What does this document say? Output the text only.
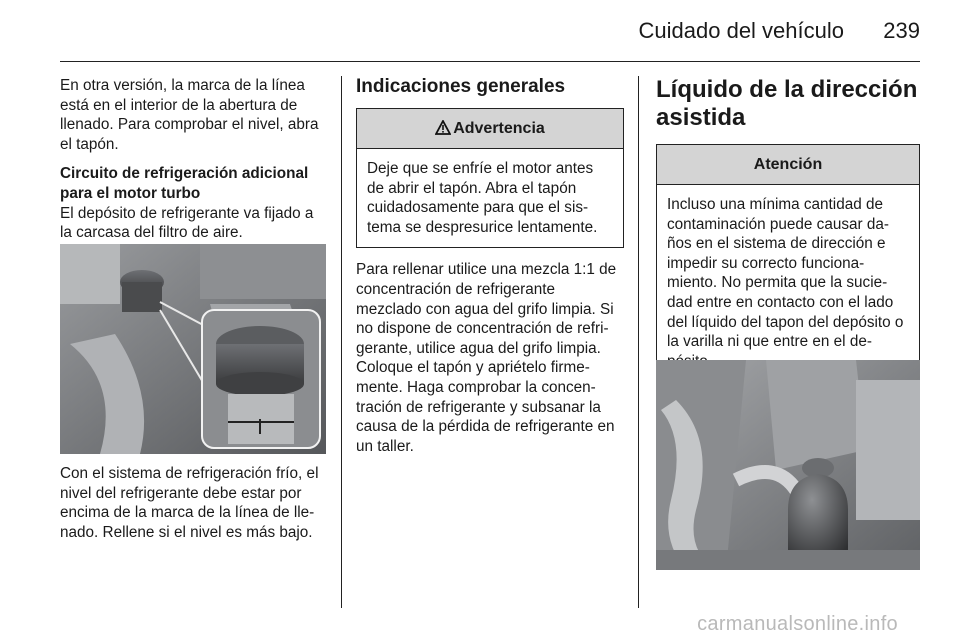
Cuidado del vehículo 239

En otra versión, la marca de la línea está en el interior de la abertura de llenado. Para comprobar el nivel, abra el tapón.

Circuito de refrigeración adicional para el motor turbo

El depósito de refrigerante va fijado a la carcasa del filtro de aire.

Con el sistema de refrigeración frío, el nivel del refrigerante debe estar por encima de la marca de la línea de lle-nado. Rellene si el nivel es más bajo.

Indicaciones generales
Advertencia
Deje que se enfríe el motor antes de abrir el tapón. Abra el tapón cuidadosamente para que el sis-tema se despresurice lentamente.

Para rellenar utilice una mezcla 1:1 de concentración de refrigerante mezclado con agua del grifo limpia. Si no dispone de concentración de refri-gerante, utilice agua del grifo limpia. Coloque el tapón y apriételo firme-mente. Haga comprobar la concen-tración de refrigerante y subsanar la causa de la pérdida de refrigerante en un taller.

Líquido de la dirección asistida
Atención
Incluso una mínima cantidad de contaminación puede causar da-ños en el sistema de dirección e impedir su correcto funciona-miento. No permita que la sucie-dad entre en contacto con el lado del líquido del tapon del depósito o la varilla ni que entre en el de-
carmanualsonline.info
